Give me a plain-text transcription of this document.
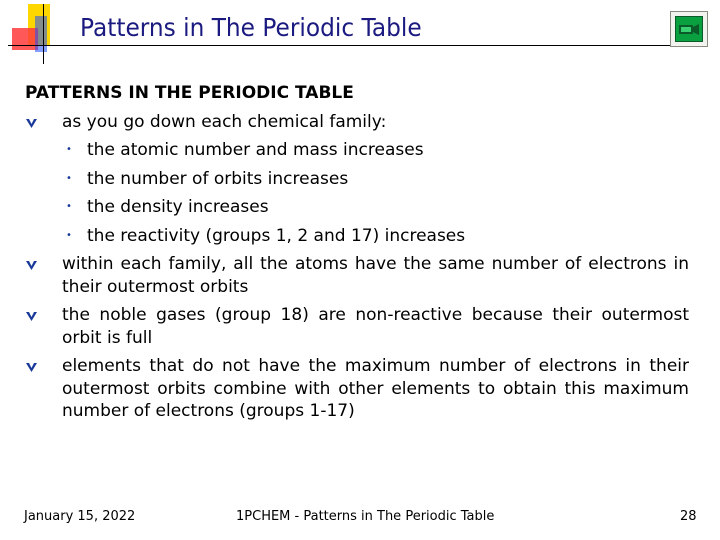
Patterns in The Periodic Table
PATTERNS IN THE PERIODIC TABLE
as you go down each chemical family:
• the atomic number and mass increases
• the number of orbits increases
• the density increases
• the reactivity (groups 1, 2 and 17) increases
within each family, all the atoms have the same number of electrons in their outermost orbits
the noble gases (group 18) are non-reactive because their outermost orbit is full
elements that do not have the maximum number of electrons in their outermost orbits combine with other elements to obtain this maximum number of electrons (groups 1-17)
January 15, 2022	1PCHEM - Patterns in The Periodic Table	28
